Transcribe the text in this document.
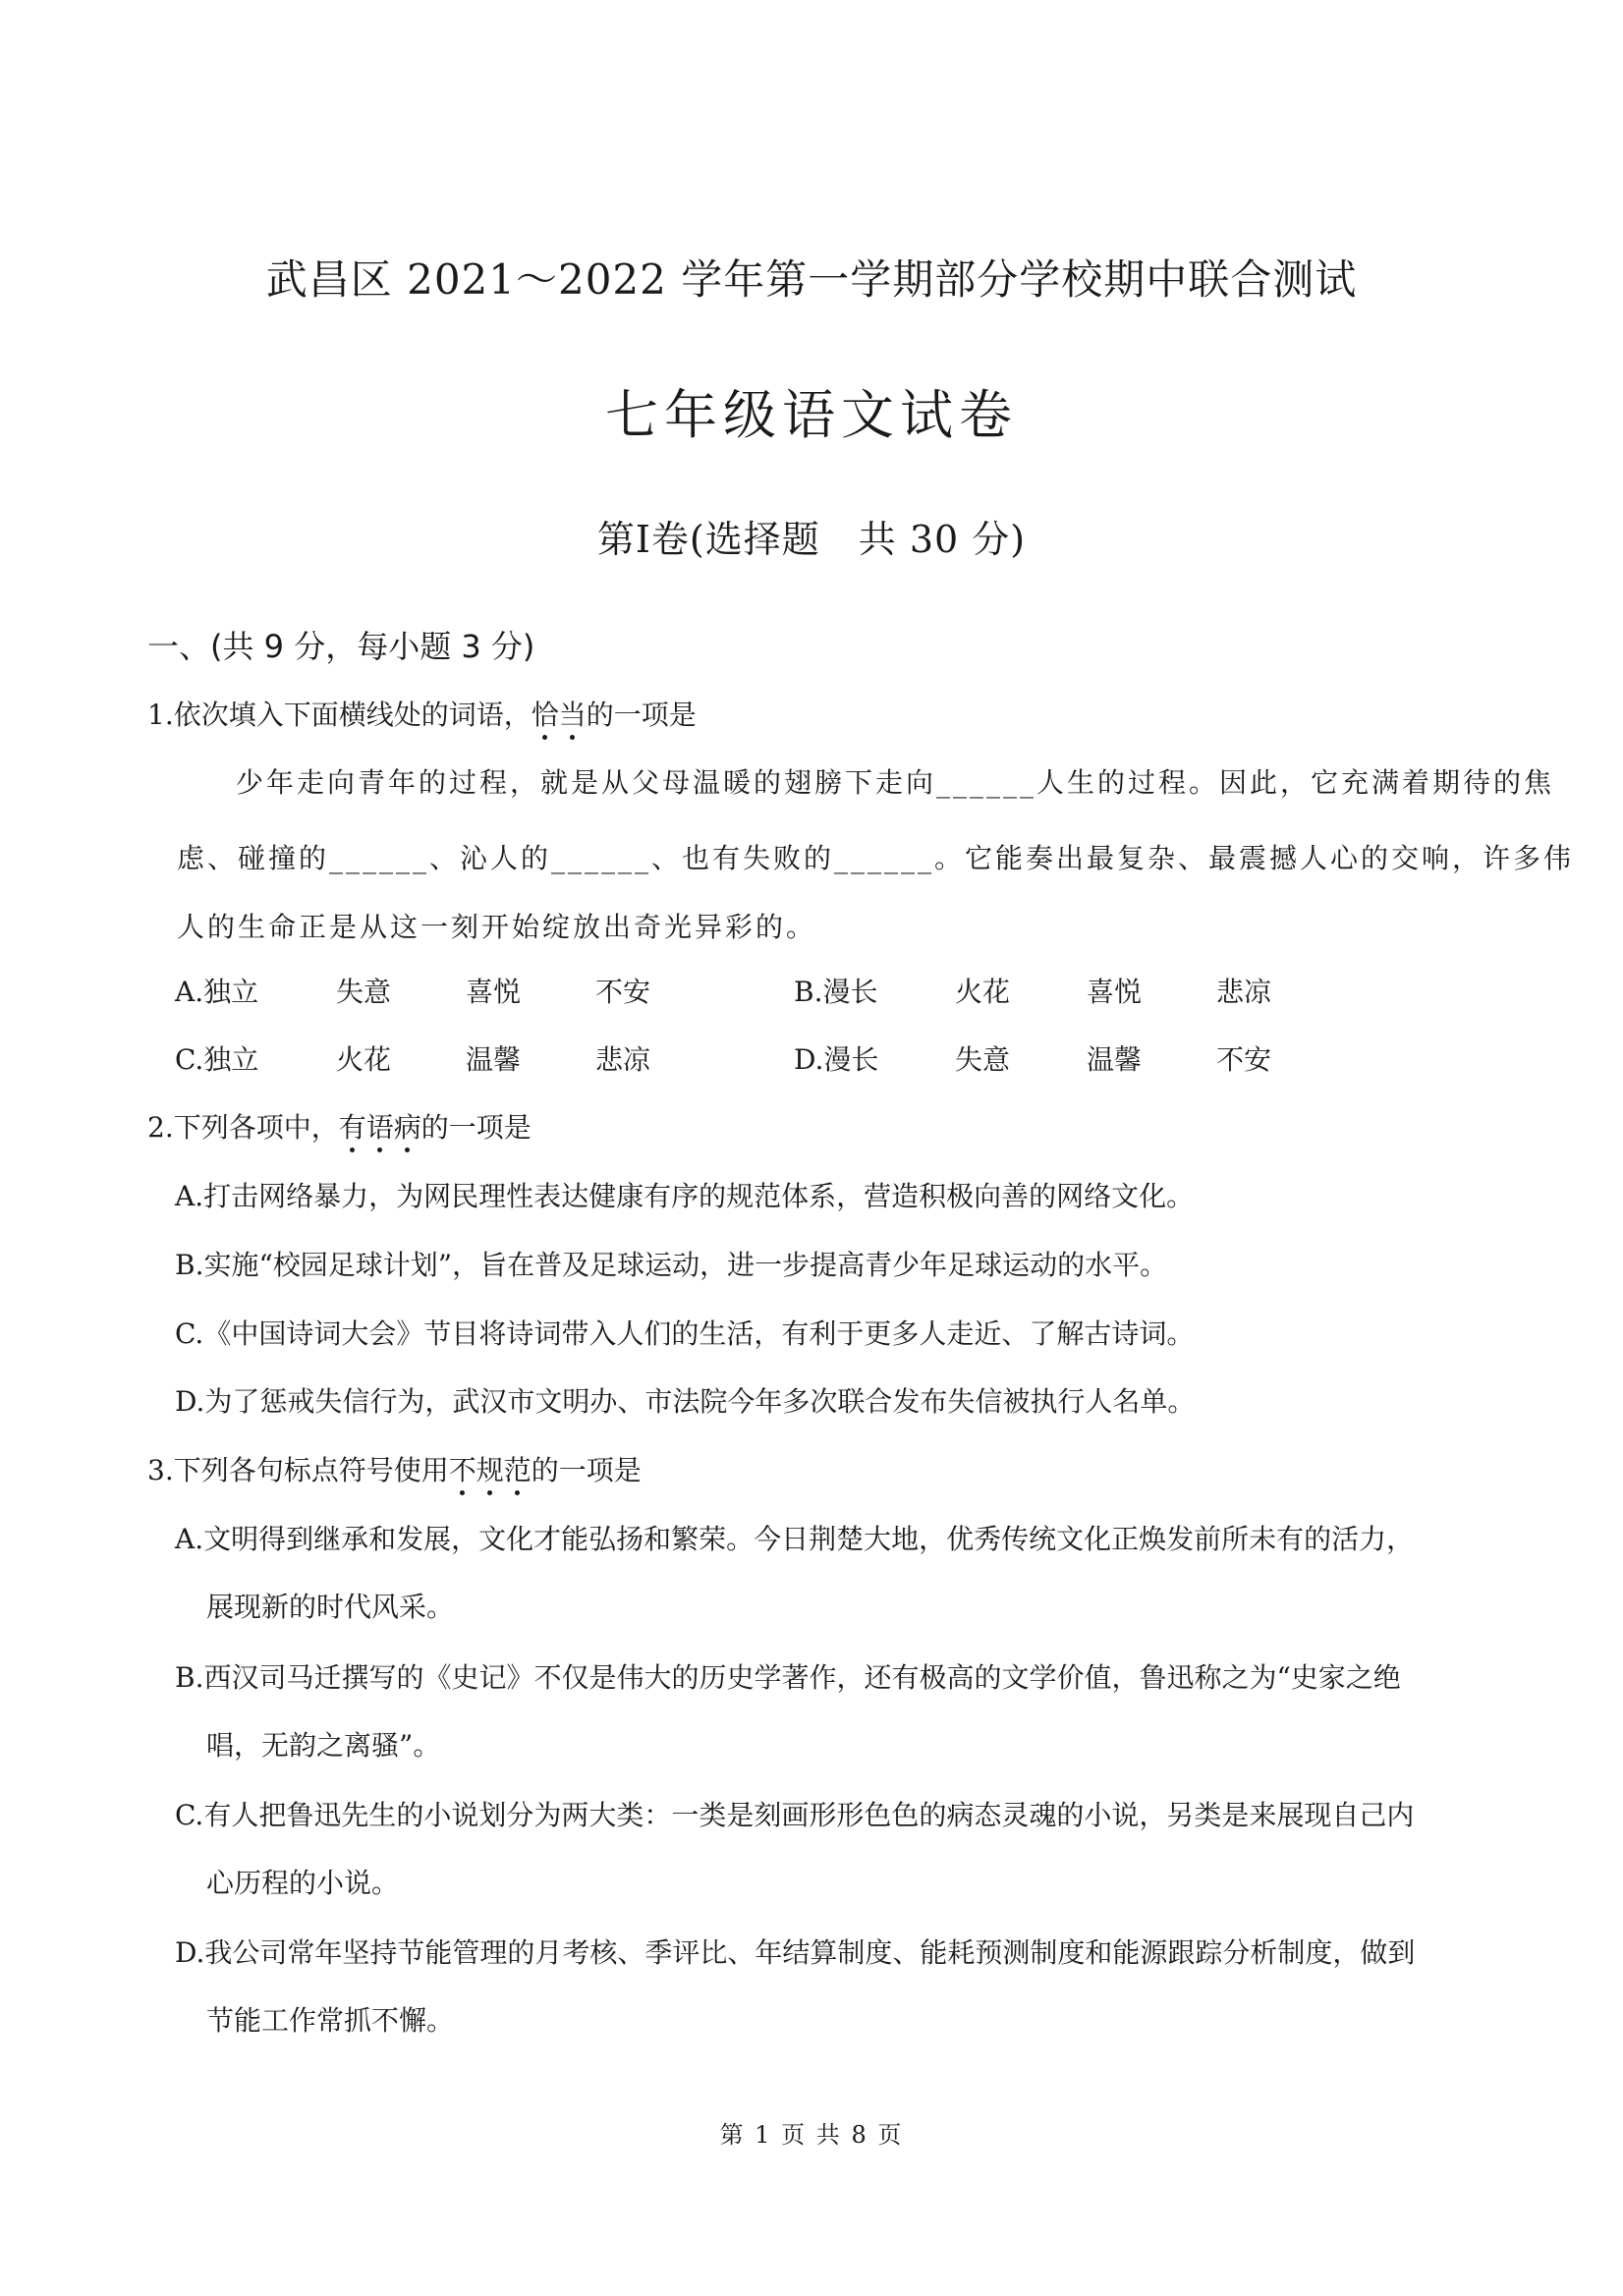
武昌区 2021～2022 学年第一学期部分学校期中联合测试
七年级语文试卷
第Ⅰ卷(选择题　共 30 分)
一、(共 9 分，每小题 3 分)
1.依次填入下面横线处的词语，恰当的一项是
少年走向青年的过程，就是从父母温暖的翅膀下走向______人生的过程。因此，它充满着期待的焦
虑、碰撞的______、沁人的______、也有失败的______。它能奏出最复杂、最震撼人心的交响，许多伟
人的生命正是从这一刻开始绽放出奇光异彩的。
A.独立	失意	喜悦	不安	B.漫长	火花	喜悦	悲凉
C.独立	火花	温馨	悲凉	D.漫长	失意	温馨	不安
2.下列各项中，有语病的一项是
A.打击网络暴力，为网民理性表达健康有序的规范体系，营造积极向善的网络文化。
B.实施“校园足球计划”，旨在普及足球运动，进一步提高青少年足球运动的水平。
C.《中国诗词大会》节目将诗词带入人们的生活，有利于更多人走近、了解古诗词。
D.为了惩戒失信行为，武汉市文明办、市法院今年多次联合发布失信被执行人名单。
3.下列各句标点符号使用不规范的一项是
A.文明得到继承和发展，文化才能弘扬和繁荣。今日荆楚大地，优秀传统文化正焕发前所未有的活力，
展现新的时代风采。
B.西汉司马迁撰写的《史记》不仅是伟大的历史学著作，还有极高的文学价值，鲁迅称之为“史家之绝
唱，无韵之离骚”。
C.有人把鲁迅先生的小说划分为两大类：一类是刻画形形色色的病态灵魂的小说，另类是来展现自己内
心历程的小说。
D.我公司常年坚持节能管理的月考核、季评比、年结算制度、能耗预测制度和能源跟踪分析制度，做到
节能工作常抓不懈。
第 1 页 共 8 页
